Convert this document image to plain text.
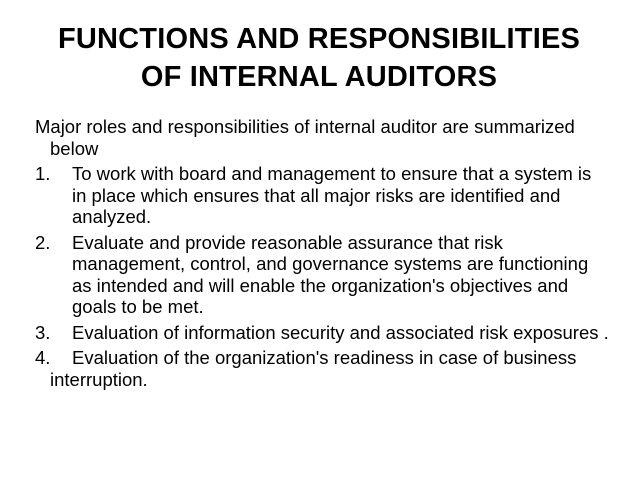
FUNCTIONS AND RESPONSIBILITIES
OF INTERNAL AUDITORS

Major roles and responsibilities of internal auditor are summarized below

1.	To work with board and management to ensure that a system is in place which ensures that all major risks are identified and analyzed.
2.	Evaluate and provide reasonable assurance that risk management, control, and governance systems are functioning as intended and will enable the organization's objectives and goals to be met.

3. Evaluation of information security and associated risk exposures .

4. Evaluation of the organization's readiness in case of business interruption.
